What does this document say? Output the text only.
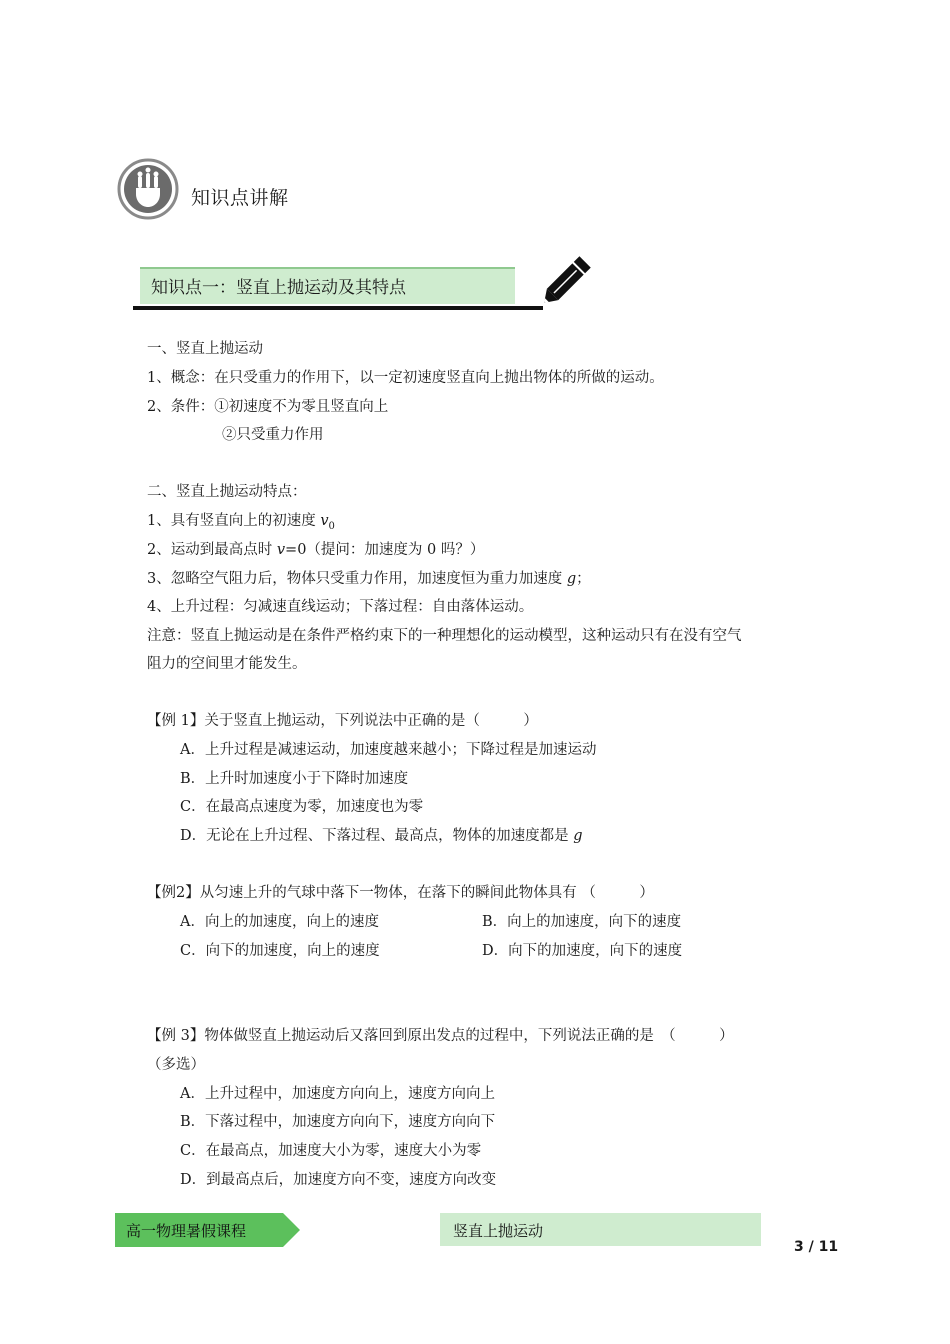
知识点讲解
知识点一：竖直上抛运动及其特点
一、竖直上抛运动
1、概念：在只受重力的作用下，以一定初速度竖直向上抛出物体的所做的运动。
2、条件：①初速度不为零且竖直向上
②只受重力作用
二、竖直上抛运动特点：
1、具有竖直向上的初速度 $v_0$
2、运动到最高点时 v=0（提问：加速度为 0 吗？）
3、忽略空气阻力后，物体只受重力作用，加速度恒为重力加速度 g；
4、上升过程：匀减速直线运动；下落过程：自由落体运动。
注意：竖直上抛运动是在条件严格约束下的一种理想化的运动模型，这种运动只有在没有空气
阻力的空间里才能发生。
【例 1】关于竖直上抛运动，下列说法中正确的是（　　　）
A．上升过程是减速运动，加速度越来越小；下降过程是加速运动
B．上升时加速度小于下降时加速度
C．在最高点速度为零，加速度也为零
D．无论在上升过程、下落过程、最高点，物体的加速度都是 g
【例2】从匀速上升的气球中落下一物体，在落下的瞬间此物体具有 （　　　）
A．向上的加速度，向上的速度	B．向上的加速度，向下的速度
C．向下的加速度，向上的速度	D．向下的加速度，向下的速度
【例 3】物体做竖直上抛运动后又落回到原出发点的过程中，下列说法正确的是　（　　　）
（多选）
A．上升过程中，加速度方向向上，速度方向向上
B．下落过程中，加速度方向向下，速度方向向下
C．在最高点，加速度大小为零，速度大小为零
D．到最高点后，加速度方向不变，速度方向改变
高一物理暑假课程	竖直上抛运动
3 / 11
